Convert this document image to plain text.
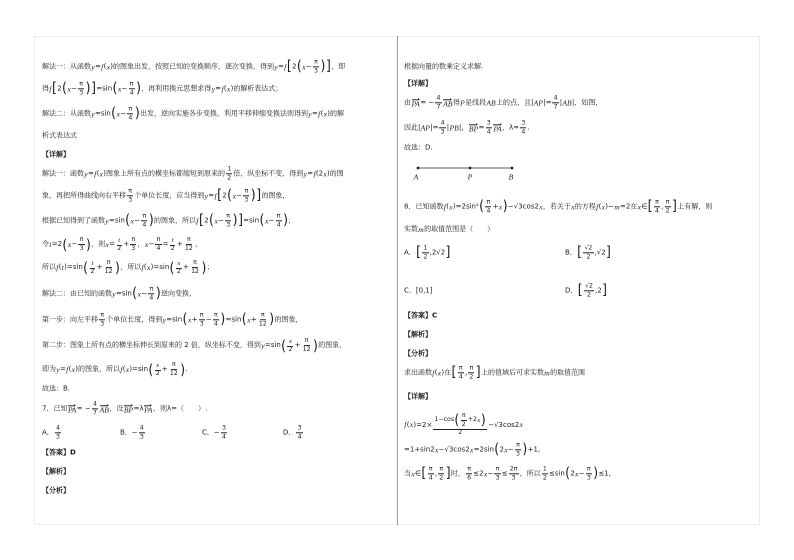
解法一：从函数 y = f ( x ) 的图象出发，按照已知的变换顺序，逐次变换，得到 y = f [ 2 ( $x - \frac{\pi}{3}$ ) ] ，即
得 f [ 2 ( $x - \frac{\pi}{3}$ ) ] =sin ( $x - \frac{\pi}{4}$ ) ，再利用换元思想求得 y = f ( x ) 的解析表达式；
解法二：从函数 y =sin ( $x - \frac{\pi}{4}$ ) 出发，逆向实施各步变换，利用平移伸缩变换法则得到 y = f ( x ) 的解
析式表达式
【详解】
解法一：函数 y = f ( x ) 图象上所有点的横坐标都缩短到原来的 $\frac{1}{2}$ 倍，纵坐标不变，得到 y = f (2 x ) 的图
象，再把所得曲线向右平移 $\frac{\pi}{3}$ 个单位长度，应当得到 y = f [ 2 ( $x - \frac{\pi}{3}$ ) ] 的图象，
根据已知得到了函数 y =sin ( $x - \frac{\pi}{4}$ ) 的图象，所以 f [ 2 ( $x - \frac{\pi}{3}$ ) ] =sin ( $x - \frac{\pi}{4}$ ) ，
令 t =2 ( $x - \frac{\pi}{3}$ ) ，则 $x = \frac{t}{2} + \frac{\pi}{3}$ ， $x - \frac{\pi}{4} = \frac{t}{2} + \frac{\pi}{12}$ ，
所以 f ( t )=sin ( $\frac{t}{2} + \frac{\pi}{12}$ ) ，所以 f ( x )=sin ( $\frac{x}{2} + \frac{\pi}{12}$ ) ；
解法二：由已知的函数 y =sin ( $x - \frac{\pi}{4}$ ) 逆向变换，
第一步：向左平移 $\frac{\pi}{3}$ 个单位长度，得到 y =sin ( $x + \frac{\pi}{3} - \frac{\pi}{4}$ ) =sin ( $x + \frac{\pi}{12}$ ) 的图象，
第二步：图象上所有点的横坐标伸长到原来的 2 倍，纵坐标不变，得到 y =sin ( $\frac{x}{2} + \frac{\pi}{12}$ ) 的图象，
即为 y = f ( x ) 的图象，所以 f ( x )=sin ( $\frac{x}{2} + \frac{\pi}{12}$ ) .
故选：B.
7．已知 PA = − $\frac{4}{7}$ AB ，设 BP =λ PA ，则λ=（　　）.
A． $\frac{4}{3}$	B．− $\frac{4}{3}$	C．− $\frac{3}{4}$	D． $\frac{3}{4}$
【答案】D
【解析】
【分析】
根据向量的数乘定义求解.
【详解】
由 PA = − $\frac{4}{7}$ AB 得 P 是线段 AB 上的点，且| AP |= $\frac{4}{7}$ | AB |，如图，
因此| AP |= $\frac{4}{3}$ | PB |， BP = $\frac{3}{4}$ PA ，$\lambda= \frac{3}{4}$ .
故选：D.
8．已知函数 f ( x )=2sin² ( $\frac{\pi}{4} + x$ ) −√3cos2 x ，若关于 x 的方程 f ( x )− m =2在 x ∈ [ $\frac{\pi}{4}$ , $\frac{\pi}{2}$ ] 上有解，则
实数 m 的取值范围是（　　）
A． [ $\frac{1}{2} ,2√2$ ]	B． [ $\frac{√2}{2} ,√2$ ]
C．[0,1]	D． [ $\frac{√2}{2} ,2$ ]
【答案】C
【解析】
【分析】
求出函数 f ( x )在 [ $\frac{\pi}{4}$ , $\frac{\pi}{2}$ ] 上的值域后可求实数 m 的取值范围
【详解】
f ( x )$=2\times \frac{1-\cos ( \frac{\pi}{2} +2 x )}{2} -√3\cos 2$ x
=1+sin2 x −√3cos2 x =2sin ( 2 $x - \frac{\pi}{3}$ ) +1,
当 x ∈ [ $\frac{\pi}{4}$ , $\frac{\pi}{2}$ ] 时， $\frac{\pi}{6} \le 2$ $x - \frac{\pi}{3} \le \frac{2\pi}{3}$ ，所以 $\frac{1}{2} \le\sin$ ( 2 $x - \frac{\pi}{3}$ ) ≤1,
A	P	B
